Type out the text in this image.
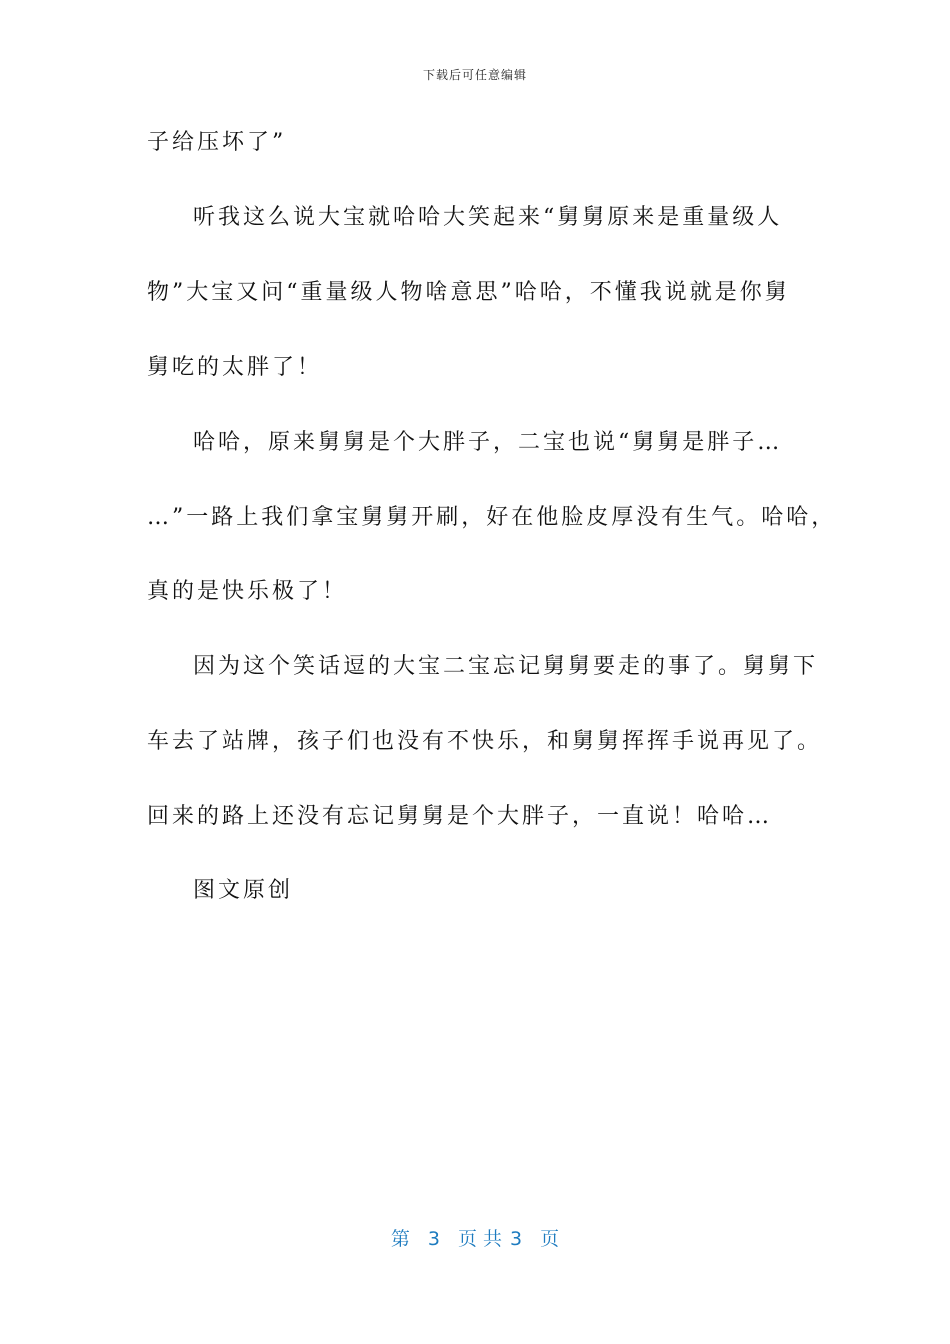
下载后可任意编辑
子给压坏了”
听我这么说大宝就哈哈大笑起来“舅舅原来是重量级人
物”大宝又问“重量级人物啥意思”哈哈，不懂我说就是你舅
舅吃的太胖了！
哈哈，原来舅舅是个大胖子，二宝也说“舅舅是胖子…
…”一路上我们拿宝舅舅开刷，好在他脸皮厚没有生气。哈哈，
真的是快乐极了！
因为这个笑话逗的大宝二宝忘记舅舅要走的事了。舅舅下
车去了站牌，孩子们也没有不快乐，和舅舅挥挥手说再见了。
回来的路上还没有忘记舅舅是个大胖子，一直说！哈哈…
图文原创
第 3 页 共 3 页
